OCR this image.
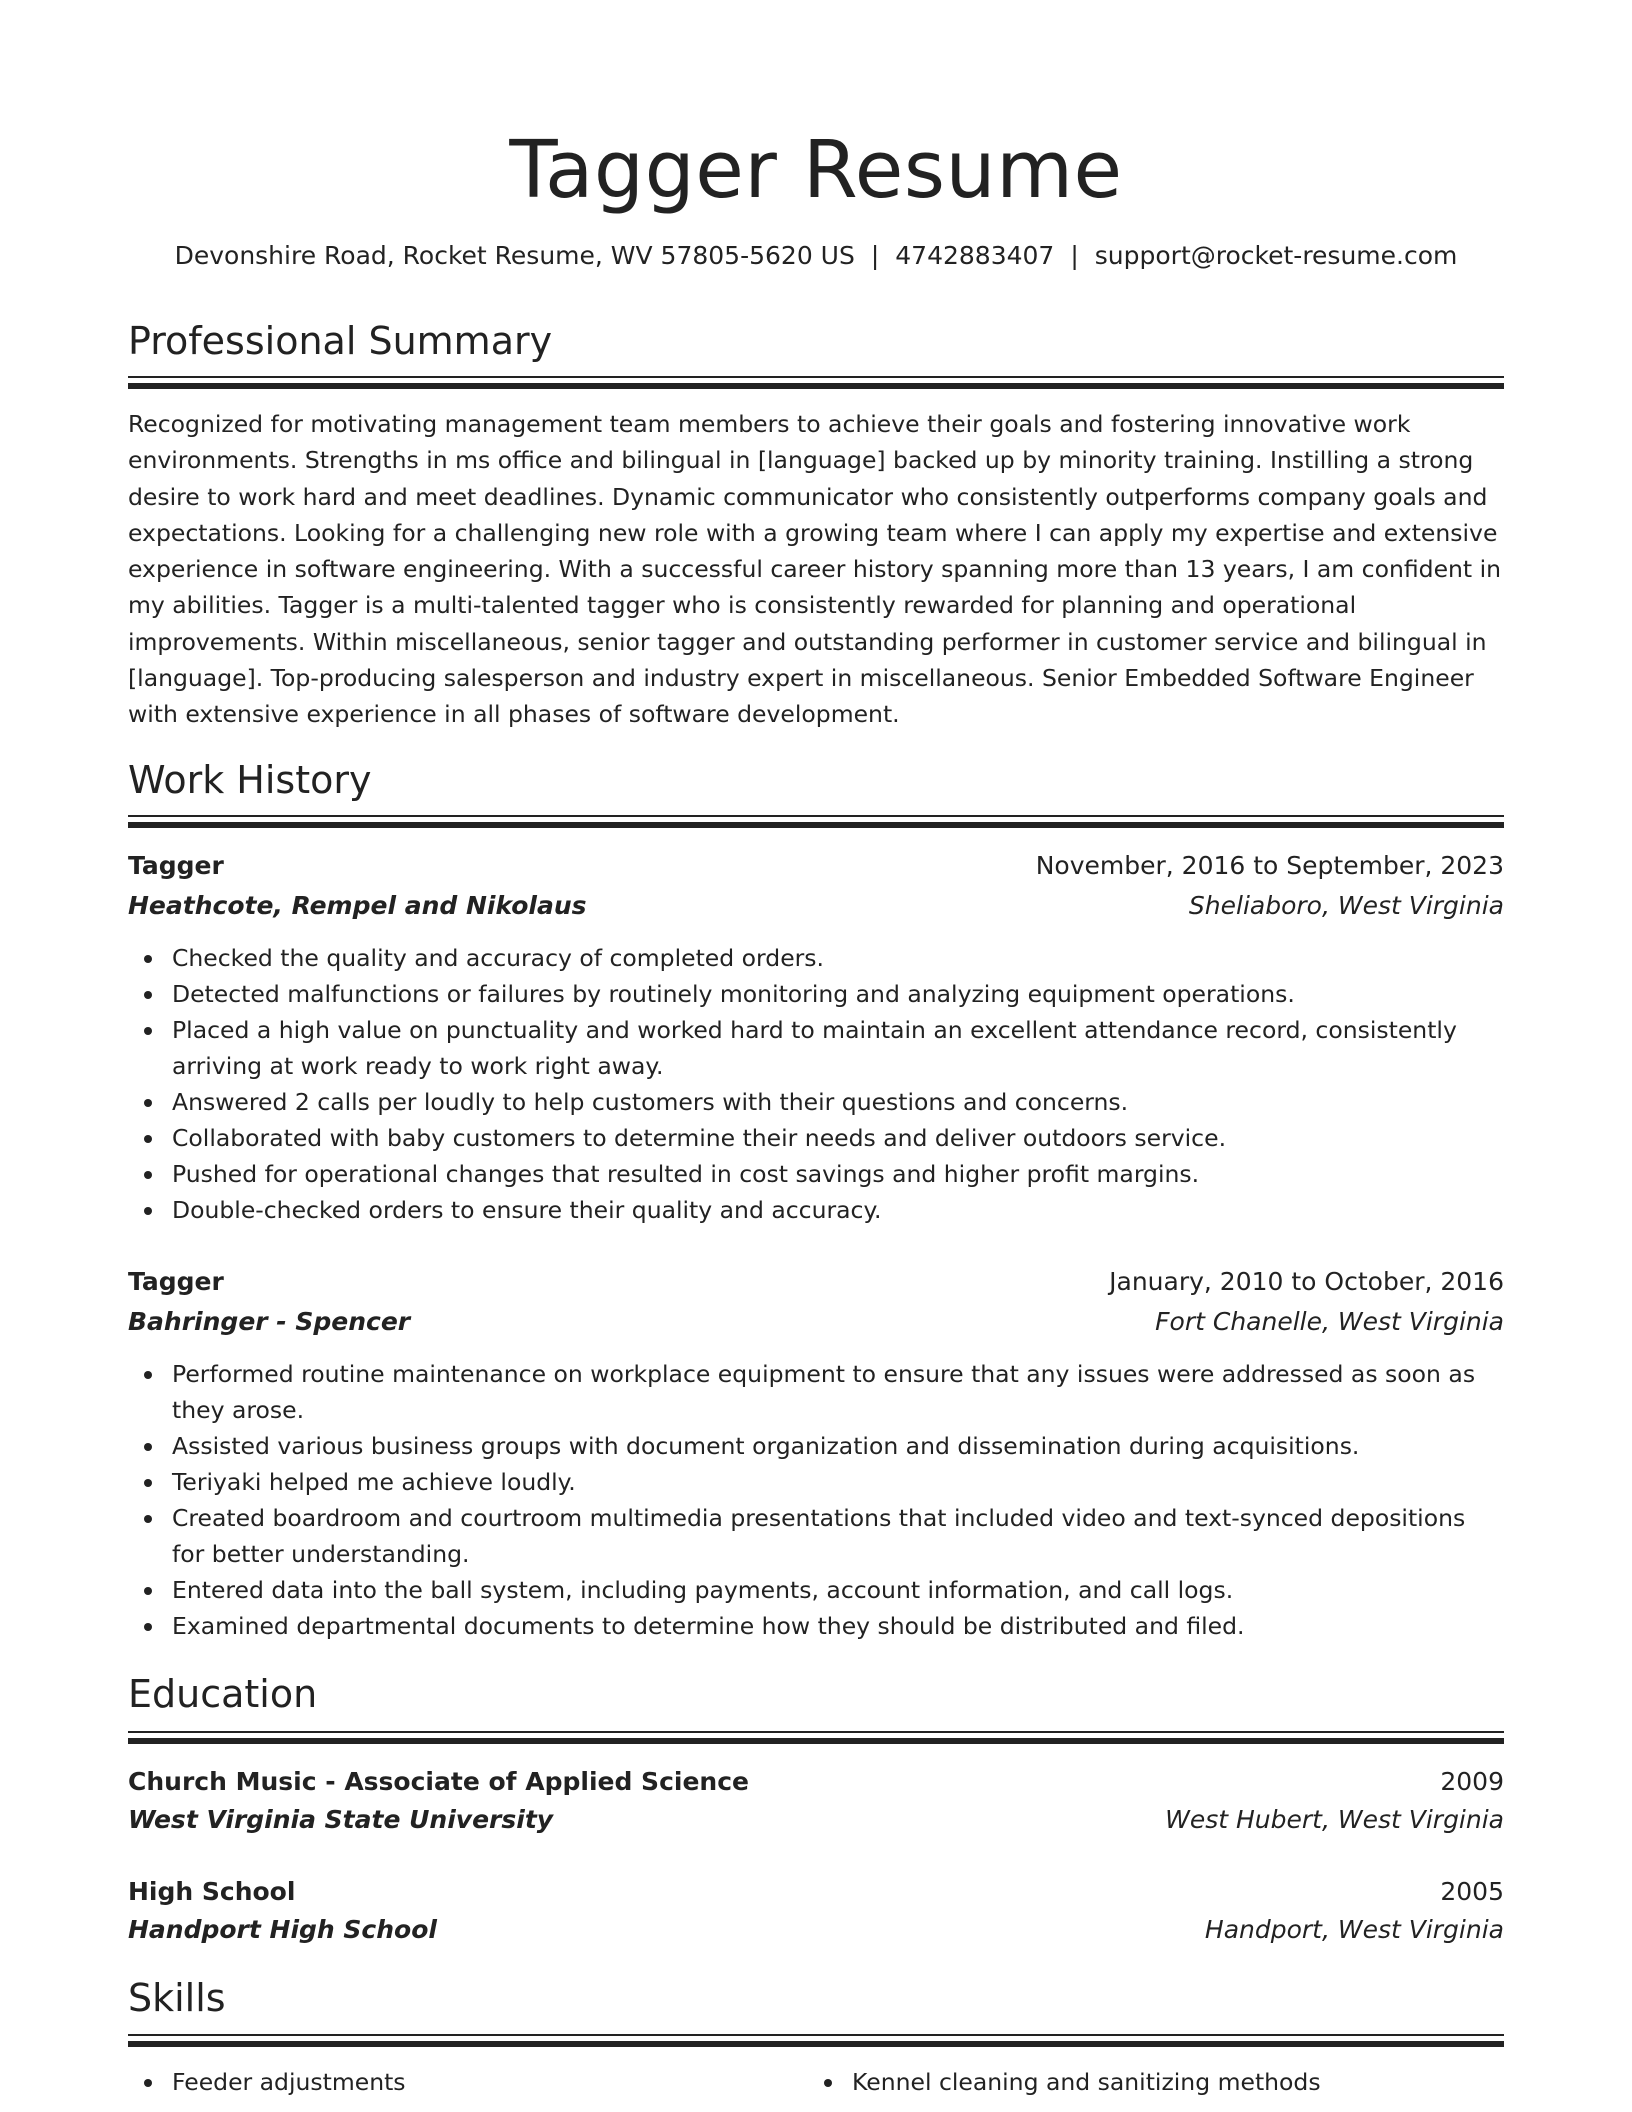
Tagger Resume
Devonshire Road, Rocket Resume, WV 57805-5620 US | 4742883407 | support@rocket-resume.com
Professional Summary

Recognized for motivating management team members to achieve their goals and fostering innovative work environments. Strengths in ms office and bilingual in [language] backed up by minority training. Instilling a strong desire to work hard and meet deadlines. Dynamic communicator who consistently outperforms company goals and expectations. Looking for a challenging new role with a growing team where I can apply my expertise and extensive experience in software engineering. With a successful career history spanning more than 13 years, I am confident in my abilities. Tagger is a multi-talented tagger who is consistently rewarded for planning and operational improvements. Within miscellaneous, senior tagger and outstanding performer in customer service and bilingual in [language]. Top-producing salesperson and industry expert in miscellaneous. Senior Embedded Software Engineer with extensive experience in all phases of software development.

Work History
Tagger	November, 2016 to September, 2023
Heathcote, Rempel and Nikolaus	Sheliaboro, West Virginia
Checked the quality and accuracy of completed orders.
Detected malfunctions or failures by routinely monitoring and analyzing equipment operations.
Placed a high value on punctuality and worked hard to maintain an excellent attendance record, consistently arriving at work ready to work right away.
Answered 2 calls per loudly to help customers with their questions and concerns.
Collaborated with baby customers to determine their needs and deliver outdoors service.
Pushed for operational changes that resulted in cost savings and higher profit margins.
Double-checked orders to ensure their quality and accuracy.
Tagger	January, 2010 to October, 2016
Bahringer - Spencer	Fort Chanelle, West Virginia
Performed routine maintenance on workplace equipment to ensure that any issues were addressed as soon as they arose.
Assisted various business groups with document organization and dissemination during acquisitions.
Teriyaki helped me achieve loudly.
Created boardroom and courtroom multimedia presentations that included video and text-synced depositions for better understanding.
Entered data into the ball system, including payments, account information, and call logs.
Examined departmental documents to determine how they should be distributed and filed.
Education
Church Music - Associate of Applied Science	2009
West Virginia State University	West Hubert, West Virginia
High School	2005
Handport High School	Handport, West Virginia
Skills
Feeder adjustments	Kennel cleaning and sanitizing methods
